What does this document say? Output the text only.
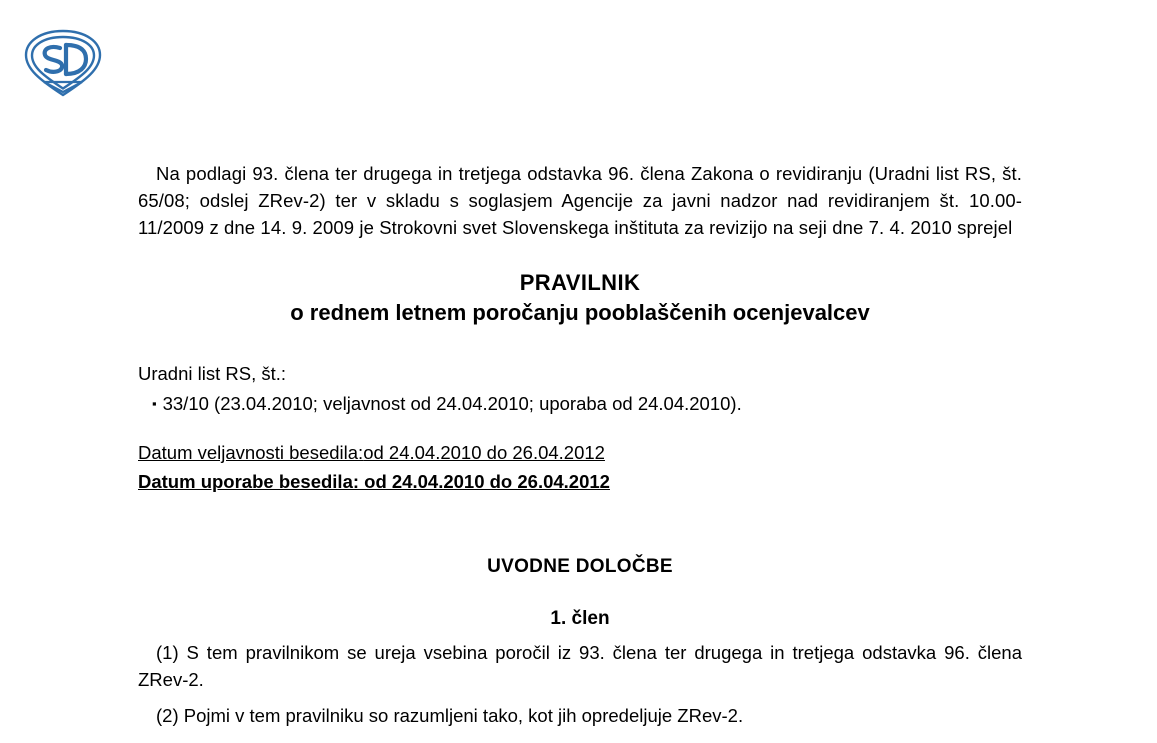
Na podlagi 93. člena ter drugega in tretjega odstavka 96. člena Zakona o revidiranju (Uradni list RS, št. 65/08; odslej ZRev-2) ter v skladu s soglasjem Agencije za javni nadzor nad revidiranjem št. 10.00-11/2009 z dne 14. 9. 2009 je Strokovni svet Slovenskega inštituta za revizijo na seji dne 7. 4. 2010 sprejel

PRAVILNIK
o rednem letnem poročanju pooblaščenih ocenjevalcev

Uradni list RS, št.:

▪ 33/10 (23.04.2010; veljavnost od 24.04.2010; uporaba od 24.04.2010).

Datum veljavnosti besedila:od 24.04.2010 do 26.04.2012

Datum uporabe besedila: od 24.04.2010 do 26.04.2012

UVODNE DOLOČBE
1. člen

(1) S tem pravilnikom se ureja vsebina poročil iz 93. člena ter drugega in tretjega odstavka 96. člena ZRev-2.

(2) Pojmi v tem pravilniku so razumljeni tako, kot jih opredeljuje ZRev-2.
